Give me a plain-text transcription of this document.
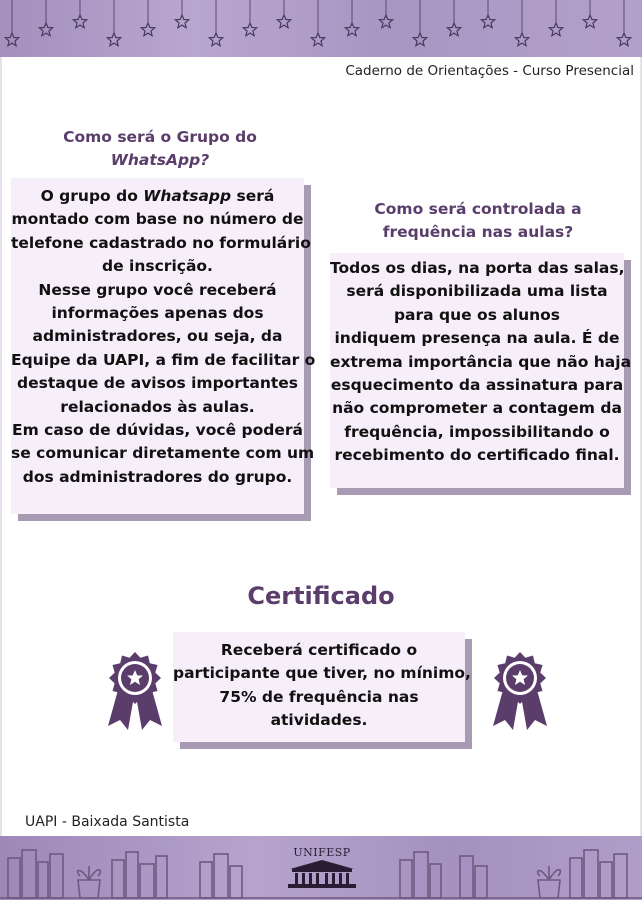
Caderno de Orientações - Curso Presencial
Como será o Grupo do
WhatsApp?
O grupo do Whatsapp será
montado com base no número de
telefone cadastrado no formulário
de inscrição.
Nesse grupo você receberá
informações apenas dos
administradores, ou seja, da
Equipe da UAPI, a fim de facilitar o
destaque de avisos importantes
relacionados às aulas.
Em caso de dúvidas, você poderá
se comunicar diretamente com um
dos administradores do grupo.
Como será controlada a
frequência nas aulas?
Todos os dias, na porta das salas,
será disponibilizada uma lista
para que os alunos
indiquem presença na aula. É de
extrema importância que não haja
esquecimento da assinatura para
não comprometer a contagem da
frequência, impossibilitando o
recebimento do certificado final.
Certificado
Receberá certificado o
participante que tiver, no mínimo,
75% de frequência nas
atividades.
UAPI - Baixada Santista
UNIFESP
